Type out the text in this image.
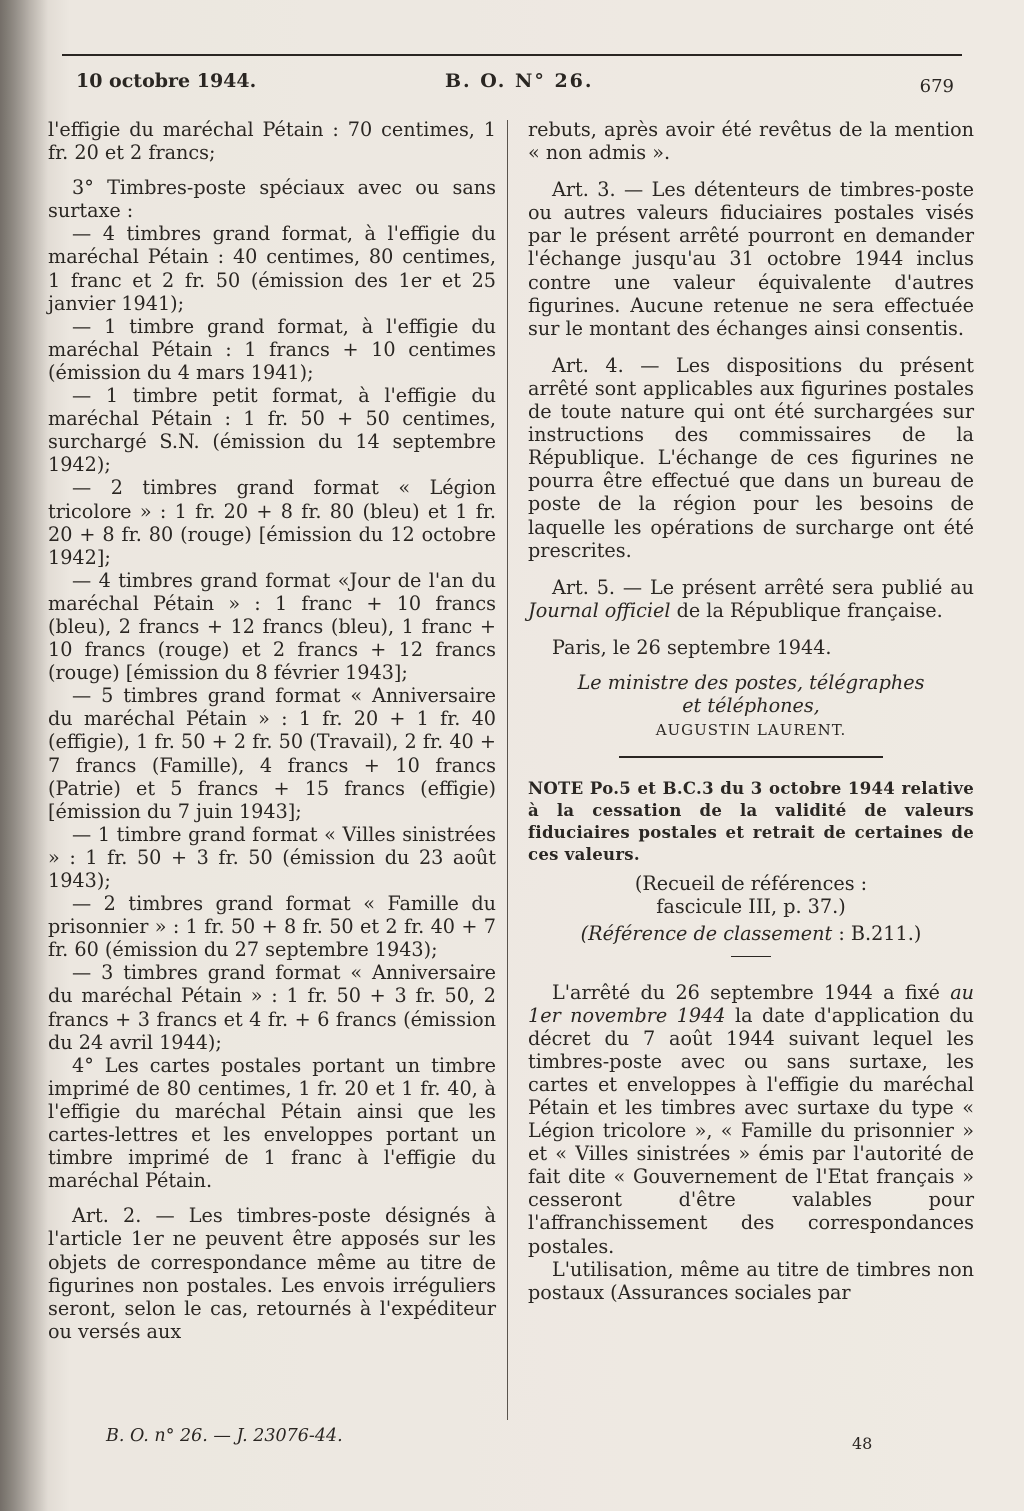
10 octobre 1944.	B. O. N° 26.	679

l'effigie du maréchal Pétain : 70 centimes, 1 fr. 20 et 2 francs;

3° Timbres-poste spéciaux avec ou sans surtaxe :

— 4 timbres grand format, à l'effigie du maréchal Pétain : 40 centimes, 80 centimes, 1 franc et 2 fr. 50 (émission des 1er et 25 janvier 1941);

— 1 timbre grand format, à l'effigie du maréchal Pétain : 1 francs + 10 centimes (émission du 4 mars 1941);

— 1 timbre petit format, à l'effigie du maréchal Pétain : 1 fr. 50 + 50 centimes, surchargé S.N. (émission du 14 septembre 1942);

— 2 timbres grand format « Légion tricolore » : 1 fr. 20 + 8 fr. 80 (bleu) et 1 fr. 20 + 8 fr. 80 (rouge) [émission du 12 octobre 1942];

— 4 timbres grand format «Jour de l'an du maréchal Pétain » : 1 franc + 10 francs (bleu), 2 francs + 12 francs (bleu), 1 franc + 10 francs (rouge) et 2 francs + 12 francs (rouge) [émission du 8 février 1943];

— 5 timbres grand format « Anniversaire du maréchal Pétain » : 1 fr. 20 + 1 fr. 40 (effigie), 1 fr. 50 + 2 fr. 50 (Travail), 2 fr. 40 + 7 francs (Famille), 4 francs + 10 francs (Patrie) et 5 francs + 15 francs (effigie) [émission du 7 juin 1943];

— 1 timbre grand format « Villes sinistrées » : 1 fr. 50 + 3 fr. 50 (émission du 23 août 1943);

— 2 timbres grand format « Famille du prisonnier » : 1 fr. 50 + 8 fr. 50 et 2 fr. 40 + 7 fr. 60 (émission du 27 septembre 1943);

— 3 timbres grand format « Anniversaire du maréchal Pétain » : 1 fr. 50 + 3 fr. 50, 2 francs + 3 francs et 4 fr. + 6 francs (émission du 24 avril 1944);

4° Les cartes postales portant un timbre imprimé de 80 centimes, 1 fr. 20 et 1 fr. 40, à l'effigie du maréchal Pétain ainsi que les cartes-lettres et les enveloppes portant un timbre imprimé de 1 franc à l'effigie du maréchal Pétain.

Art. 2. — Les timbres-poste désignés à l'article 1er ne peuvent être apposés sur les objets de correspondance même au titre de figurines non postales. Les envois irréguliers seront, selon le cas, retournés à l'expéditeur ou versés aux

rebuts, après avoir été revêtus de la mention « non admis ».

Art. 3. — Les détenteurs de timbres-poste ou autres valeurs fiduciaires postales visés par le présent arrêté pourront en demander l'échange jusqu'au 31 octobre 1944 inclus contre une valeur équivalente d'autres figurines. Aucune retenue ne sera effectuée sur le montant des échanges ainsi consentis.

Art. 4. — Les dispositions du présent arrêté sont applicables aux figurines postales de toute nature qui ont été surchargées sur instructions des commissaires de la République. L'échange de ces figurines ne pourra être effectué que dans un bureau de poste de la région pour les besoins de laquelle les opérations de surcharge ont été prescrites.

Art. 5. — Le présent arrêté sera publié au Journal officiel de la République française.

Paris, le 26 septembre 1944.

Le ministre des postes, télégraphes

et téléphones,

AUGUSTIN LAURENT.

NOTE Po.5 et B.C.3 du 3 octobre 1944 relative à la cessation de la validité de valeurs fiduciaires postales et retrait de certaines de ces valeurs.

(Recueil de références :

fascicule III, p. 37.)

(Référence de classement : B.211.)

L'arrêté du 26 septembre 1944 a fixé au 1er novembre 1944 la date d'application du décret du 7 août 1944 suivant lequel les timbres-poste avec ou sans surtaxe, les cartes et enveloppes à l'effigie du maréchal Pétain et les timbres avec surtaxe du type « Légion tricolore », « Famille du prisonnier » et « Villes sinistrées » émis par l'autorité de fait dite « Gouvernement de l'Etat français » cesseront d'être valables pour l'affranchissement des correspondances postales.

L'utilisation, même au titre de timbres non postaux (Assurances sociales par

B. O. n° 26. — J. 23076-44.	48
